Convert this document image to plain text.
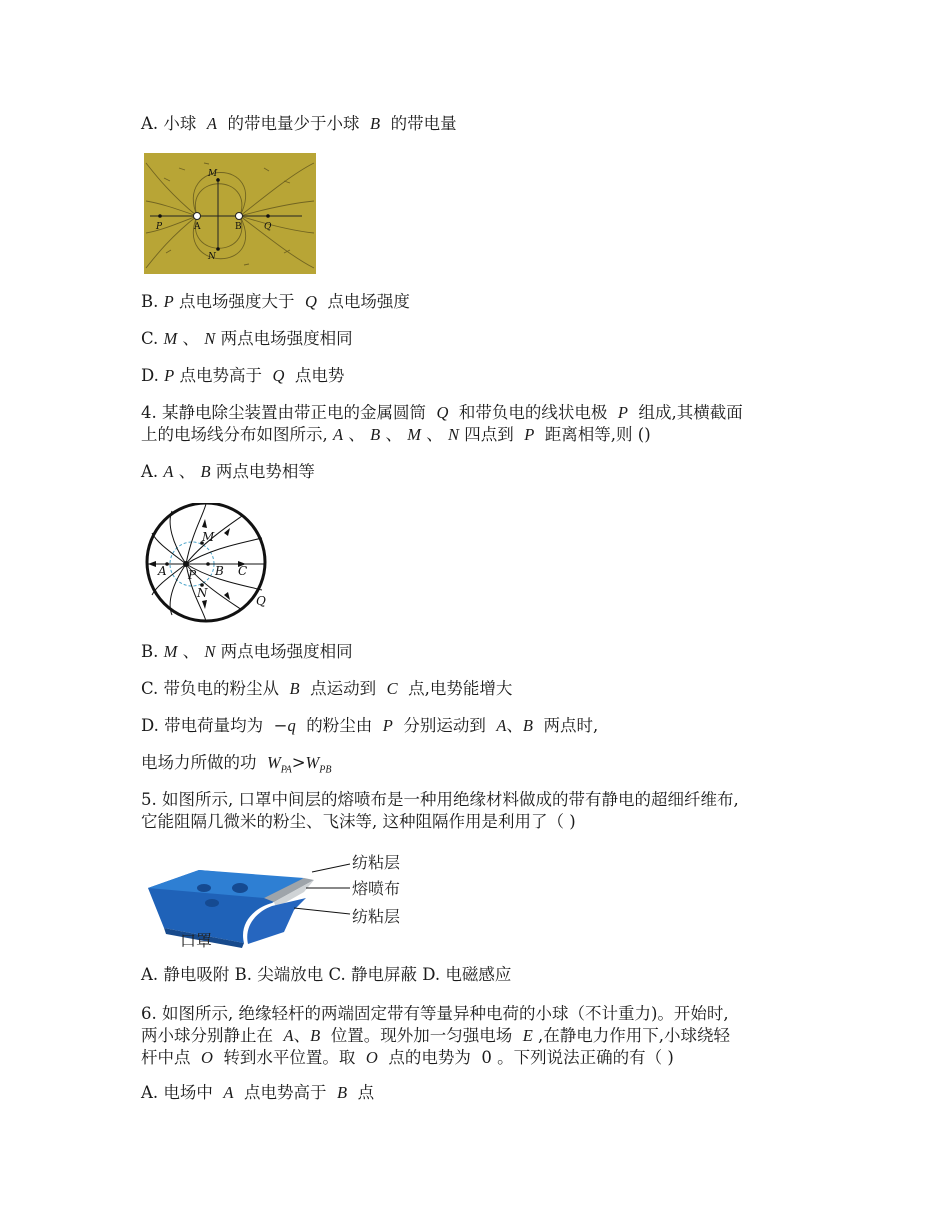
A. 小球 A 的带电量少于小球 B 的带电量
M
N
P	A	B Q
B. P 点电场强度大于 Q 点电场强度
C. M 、 N 两点电场强度相同
D. P 点电势高于 Q 点电势
4. 某静电除尘装置由带正电的金属圆筒 Q 和带负电的线状电极 P 组成,其横截面
上的电场线分布如图所示, A 、 B 、 M 、 N 四点到 P 距离相等,则 ()
A. A 、 B 两点电势相等
M
N
A P B C
Q
B. M 、 N 两点电场强度相同
C. 带负电的粉尘从 B 点运动到 C 点,电势能增大
D. 带电荷量均为 −q 的粉尘由 P 分别运动到 A、B 两点时,
电场力所做的功 $W_{PA}>W_{PB}$
5. 如图所示, 口罩中间层的熔喷布是一种用绝缘材料做成的带有静电的超细纤维布,
它能阻隔几微米的粉尘、飞沫等, 这种阻隔作用是利用了（ )
纺粘层
熔喷布
纺粘层
口罩
A. 静电吸附 B. 尖端放电 C. 静电屏蔽 D. 电磁感应
6. 如图所示, 绝缘轻杆的两端固定带有等量异种电荷的小球（不计重力)。开始时,
两小球分别静止在 A、B 位置。现外加一匀强电场 E ,在静电力作用下,小球绕轻
杆中点 O 转到水平位置。取 O 点的电势为 0 。下列说法正确的有（ )
A. 电场中 A 点电势高于 B 点
